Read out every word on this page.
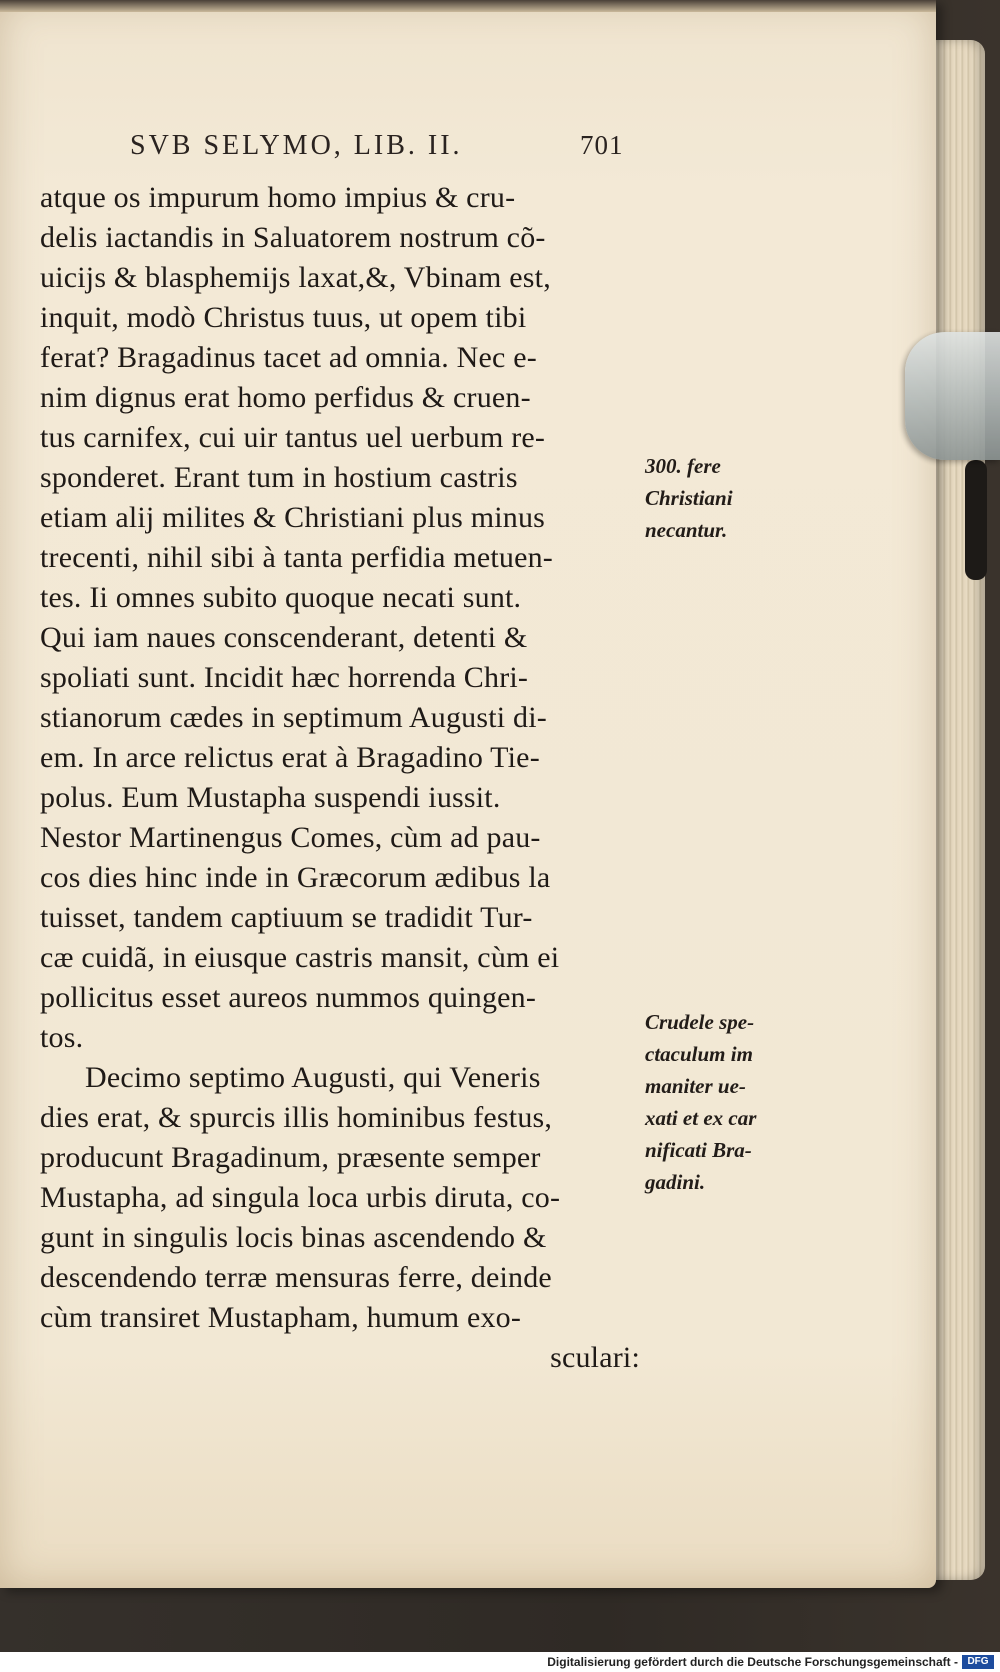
SVB SELYMO, LIB. II.	701
atque os impurum homo impius & cru-
delis iactandis in Saluatorem nostrum cõ-
uicijs & blasphemijs laxat,&, Vbinam est,
inquit, modò Christus tuus, ut opem tibi
ferat? Bragadinus tacet ad omnia. Nec e-
nim dignus erat homo perfidus & cruen-
tus carnifex, cui uir tantus uel uerbum re-
sponderet. Erant tum in hostium castris
etiam alij milites & Christiani plus minus
trecenti, nihil sibi à tanta perfidia metuen-
tes. Ii omnes subito quoque necati sunt.
Qui iam naues conscenderant, detenti &
spoliati sunt. Incidit hæc horrenda Chri-
stianorum cædes in septimum Augusti di-
em. In arce relictus erat à Bragadino Tie-
polus. Eum Mustapha suspendi iussit.
Nestor Martinengus Comes, cùm ad pau-
cos dies hinc inde in Græcorum ædibus la
tuisset, tandem captiuum se tradidit Tur-
cæ cuidã, in eiusque castris mansit, cùm ei
pollicitus esset aureos nummos quingen-
tos.
Decimo septimo Augusti, qui Veneris
dies erat, & spurcis illis hominibus festus,
producunt Bragadinum, præsente semper
Mustapha, ad singula loca urbis diruta, co-
gunt in singulis locis binas ascendendo &
descendendo terræ mensuras ferre, deinde
cùm transiret Mustapham, humum exo-
sculari:
300. fere
Christiani
necantur.
Crudele spe-
ctaculum im
maniter ue-
xati et ex car
nificati Bra-
gadini.
Digitalisierung gefördert durch die Deutsche Forschungsgemeinschaft - DFG
